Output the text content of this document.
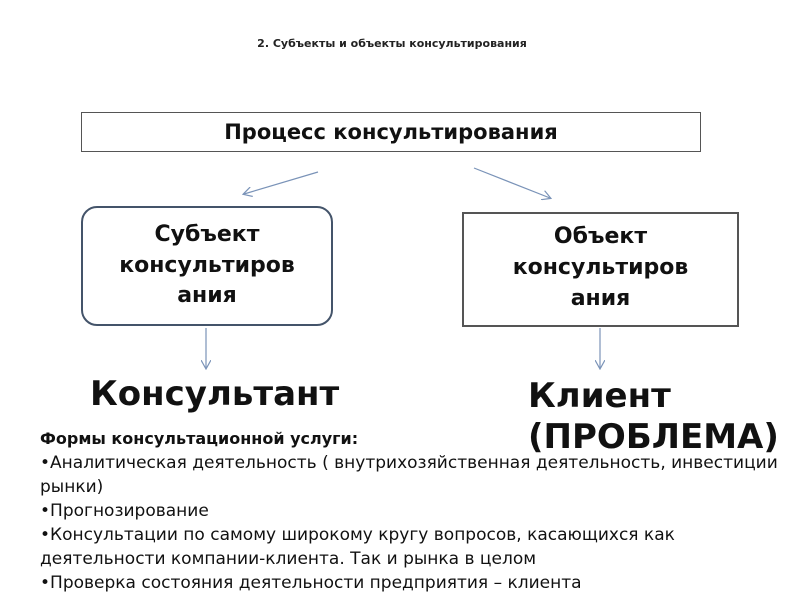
2. Субъекты и объекты консультирования
Процесс консультирования
Субъект
консультиров
ания
Объект
консультиров
ания
Консультант	Клиент (ПРОБЛЕМА)

Формы консультационной услуги:

•Аналитическая деятельность ( внутрихозяйственная деятельность, инвестиции рынки)
•Прогнозирование
•Консультации по самому широкому кругу вопросов, касающихся как деятельности компании-клиента. Так и рынка в целом
•Проверка состояния деятельности предприятия – клиента
